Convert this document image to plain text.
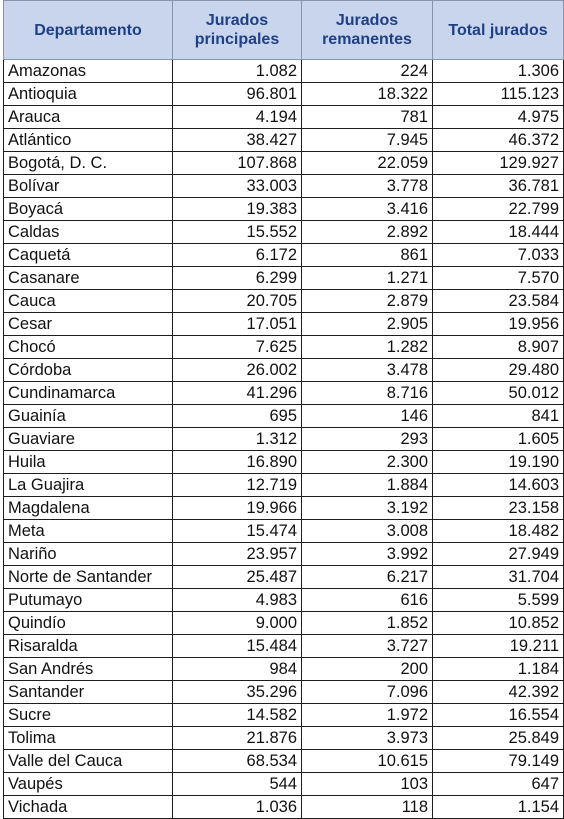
Departamento	Jurados principales	Jurados remanentes	Total jurados
Amazonas	1.082	224	1.306
Antioquia	96.801	18.322	115.123
Arauca	4.194	781	4.975
Atlántico	38.427	7.945	46.372
Bogotá, D. C.	107.868	22.059	129.927
Bolívar	33.003	3.778	36.781
Boyacá	19.383	3.416	22.799
Caldas	15.552	2.892	18.444
Caquetá	6.172	861	7.033
Casanare	6.299	1.271	7.570
Cauca	20.705	2.879	23.584
Cesar	17.051	2.905	19.956
Chocó	7.625	1.282	8.907
Córdoba	26.002	3.478	29.480
Cundinamarca	41.296	8.716	50.012
Guainía	695	146	841
Guaviare	1.312	293	1.605
Huila	16.890	2.300	19.190
La Guajira	12.719	1.884	14.603
Magdalena	19.966	3.192	23.158
Meta	15.474	3.008	18.482
Nariño	23.957	3.992	27.949
Norte de Santander	25.487	6.217	31.704
Putumayo	4.983	616	5.599
Quindío	9.000	1.852	10.852
Risaralda	15.484	3.727	19.211
San Andrés	984	200	1.184
Santander	35.296	7.096	42.392
Sucre	14.582	1.972	16.554
Tolima	21.876	3.973	25.849
Valle del Cauca	68.534	10.615	79.149
Vaupés	544	103	647
Vichada	1.036	118	1.154
